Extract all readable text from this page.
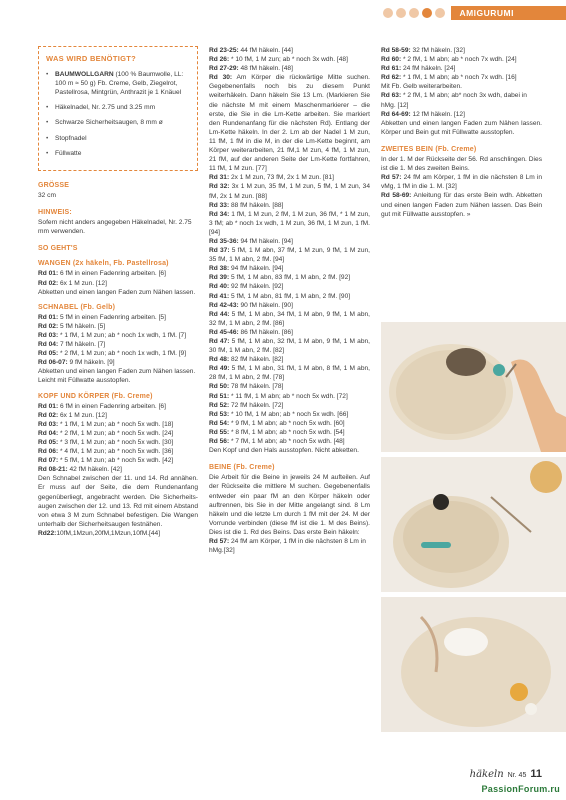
AMIGURUMI
WAS WIRD BENÖTIGT?
• BAUMWOLLGARN (100 % Baumwolle, LL: 100 m ≈ 50 g) Fb. Creme, Gelb, Ziegelrot, Pastellrosa, Mintgrün, Anthrazit je 1 Knäuel
• Häkelnadel, Nr. 2.75 und 3.25 mm
• Schwarze Sicherheitsaugen, 8 mm ø
• Stopfnadel
• Füllwatte
GRÖSSE

32 cm

HINWEIS:

Sofern nicht anders angegeben Häkelnadel, Nr. 2.75 mm verwenden.

SO GEHT'S
WANGEN (2x häkeln, Fb. Pastellrosa)

Rd 01: 6 fM in einen Fadenring arbeiten. [6]

Rd 02: 6x 1 M zun. [12]

Abketten und einen langen Faden zum Nähen lassen.

SCHNABEL (Fb. Gelb)

Rd 01: 5 fM in einen Fadenring arbeiten. [5]

Rd 02: 5 fM häkeln. [5]

Rd 03: * 1 fM, 1 M zun; ab * noch 1x wdh, 1 fM. [7]

Rd 04: 7 fM häkeln. [7]

Rd 05: * 2 fM, 1 M zun; ab * noch 1x wdh, 1 fM. [9]

Rd 06-07: 9 fM häkeln. [9]

Abketten und einen langen Faden zum Nähen lassen.

Leicht mit Füllwatte ausstopfen.

KOPF UND KÖRPER (Fb. Creme)

Rd 01: 6 fM in einen Fadenring arbeiten. [6]

Rd 02: 6x 1 M zun. [12]

Rd 03: * 1 fM, 1 M zun; ab * noch 5x wdh. [18]

Rd 04: * 2 fM, 1 M zun; ab * noch 5x wdh. [24]

Rd 05: * 3 fM, 1 M zun; ab * noch 5x wdh. [30]

Rd 06: * 4 fM, 1 M zun; ab * noch 5x wdh. [36]

Rd 07: * 5 fM, 1 M zun; ab * noch 5x wdh. [42]

Rd 08-21: 42 fM häkeln. [42]

Den Schnabel zwischen der 11. und 14. Rd annähen. Er muss auf der Seite, die dem Rundenanfang gegenüberliegt, angebracht werden. Die Sicherheits-augen zwischen der 12. und 13. Rd mit einem Abstand von etwa 3 M zum Schnabel befestigen. Die Wangen unterhalb der Sicherheitsaugen festnähen.

Rd22:10fM,1Mzun,20fM,1Mzun,10fM.[44]

Rd 23-25: 44 fM häkeln. [44]

Rd 26: * 10 fM, 1 M zun; ab * noch 3x wdh. [48]

Rd 27-29: 48 fM häkeln. [48]

Rd 30: Am Körper die rückwärtige Mitte suchen. Gegebenenfalls noch bis zu diesem Punkt weiterhäkeln. Dann häkeln Sie 13 Lm. (Markieren Sie die nächste M mit einem Maschenmarkierer – die erste, die Sie in die Lm-Kette arbeiten. Sie markiert den Rundenanfang für die nächsten Rd). Entlang der Lm-Kette häkeln. In der 2. Lm ab der Nadel 1 M zun, 11 fM, 1 fM in die M, in der die Lm-Kette beginnt, am Körper weiterarbeiten, 21 fM,1 M zun, 4 fM, 1 M zun, 21 fM, auf der anderen Seite der Lm-Kette fortfahren, 11 fM, 1 M zun. [77]

Rd 31: 2x 1 M zun, 73 fM, 2x 1 M zun. [81]

Rd 32: 3x 1 M zun, 35 fM, 1 M zun, 5 fM, 1 M zun, 34 fM, 2x 1 M zun. [88]

Rd 33: 88 fM häkeln. [88]

Rd 34: 1 fM, 1 M zun, 2 fM, 1 M zun, 36 fM, * 1 M zun, 3 fM; ab * noch 1x wdh, 1 M zun, 36 fM, 1 M zun, 1 fM.[94]

Rd 35-36: 94 fM häkeln. [94]

Rd 37: 5 fM, 1 M abn, 37 fM, 1 M zun, 9 fM, 1 M zun, 35 fM, 1 M abn, 2 fM. [94]

Rd 38: 94 fM häkeln. [94]

Rd 39: 5 fM, 1 M abn, 83 fM, 1 M abn, 2 fM. [92]

Rd 40: 92 fM häkeln. [92]

Rd 41: 5 fM, 1 M abn, 81 fM, 1 M abn, 2 fM. [90]

Rd 42-43: 90 fM häkeln. [90]

Rd 44: 5 fM, 1 M abn, 34 fM, 1 M abn, 9 fM, 1 M abn, 32 fM, 1 M abn, 2 fM. [86]

Rd 45-46: 86 fM häkeln. [86]

Rd 47: 5 fM, 1 M abn, 32 fM, 1 M abn, 9 fM, 1 M abn, 30 fM, 1 M abn, 2 fM. [82]

Rd 48: 82 fM häkeln. [82]

Rd 49: 5 fM, 1 M abn, 31 fM, 1 M abn, 8 fM, 1 M abn, 28 fM, 1 M abn, 2 fM. [78]

Rd 50: 78 fM häkeln. [78]

Rd 51: * 11 fM, 1 M abn; ab * noch 5x wdh. [72]

Rd 52: 72 fM häkeln. [72]

Rd 53: * 10 fM, 1 M abn; ab * noch 5x wdh. [66]

Rd 54: * 9 fM, 1 M abn; ab * noch 5x wdh. [60]

Rd 55: * 8 fM, 1 M abn; ab * noch 5x wdh. [54]

Rd 56: * 7 fM, 1 M abn; ab * noch 5x wdh. [48]

Den Kopf und den Hals ausstopfen. Nicht abketten.

BEINE (Fb. Creme)

Die Arbeit für die Beine in jeweils 24 M aufteilen. Auf der Rückseite die mittlere M suchen. Gegebenenfalls entweder ein paar fM an den Körper häkeln oder auftrennen, bis Sie in der Mitte angelangt sind. 8 Lm häkeln und die letzte Lm durch 1 fM mit der 24. M der Vorrunde verbinden (diese fM ist die 1. M des Beins). Dies ist die 1. Rd des Beins. Das erste Bein häkeln:

Rd 57: 24 fM am Körper, 1 fM in die nächsten 8 Lm in hMg.[32]

Rd 58-59: 32 fM häkeln. [32]

Rd 60: * 2 fM, 1 M abn; ab * noch 7x wdh. [24]

Rd 61: 24 fM häkeln. [24]

Rd 62: * 1 fM, 1 M abn; ab * noch 7x wdh. [16]

Mit Fb. Gelb weiterarbeiten.

Rd 63: * 2 fM, 1 M abn; ab* noch 3x wdh, dabei in hMg. [12]

Rd 64-69: 12 fM häkeln. [12]

Abketten und einen langen Faden zum Nähen lassen. Körper und Bein gut mit Füllwatte ausstopfen.

ZWEITES BEIN (Fb. Creme)

In der 1. M der Rückseite der 56. Rd anschlingen. Dies ist die 1. M des zweiten Beins.

Rd 57: 24 fM am Körper, 1 fM in die nächsten 8 Lm in vMg, 1 fM in die 1. M. [32]

Rd 58-69: Anleitung für das erste Bein wdh. Abketten und einen langen Faden zum Nähen lassen. Das Bein gut mit Füllwatte ausstopfen. »

häkeln Nr. 45 11
PassionForum.ru
